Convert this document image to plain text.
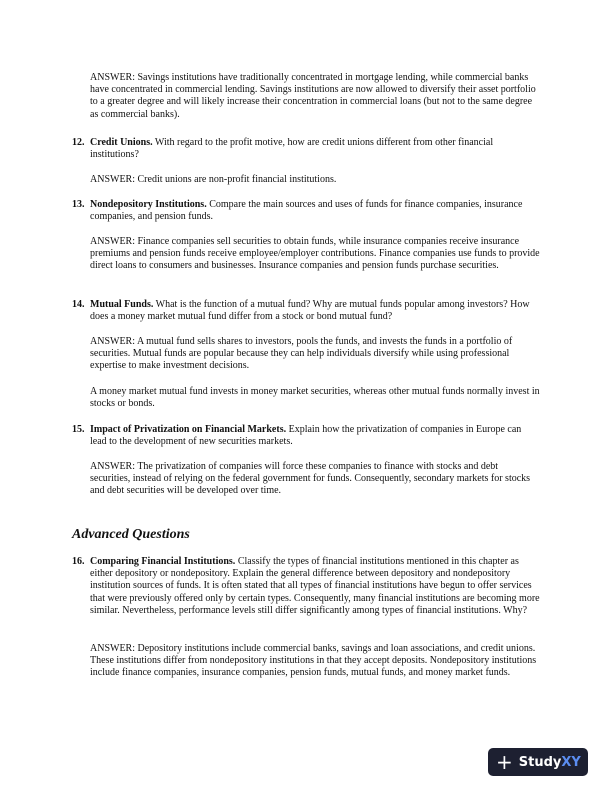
ANSWER: Savings institutions have traditionally concentrated in mortgage lending, while commercial banks have concentrated in commercial lending. Savings institutions are now allowed to diversify their asset portfolio to a greater degree and will likely increase their concentration in commercial loans (but not to the same degree as commercial banks).

12. Credit Unions. With regard to the profit motive, how are credit unions different from other financial institutions?

ANSWER: Credit unions are non-profit financial institutions.

13. Nondepository Institutions. Compare the main sources and uses of funds for finance companies, insurance companies, and pension funds.

ANSWER: Finance companies sell securities to obtain funds, while insurance companies receive insurance premiums and pension funds receive employee/employer contributions. Finance companies use funds to provide direct loans to consumers and businesses. Insurance companies and pension funds purchase securities.

14. Mutual Funds. What is the function of a mutual fund? Why are mutual funds popular among investors? How does a money market mutual fund differ from a stock or bond mutual fund?

ANSWER: A mutual fund sells shares to investors, pools the funds, and invests the funds in a portfolio of securities. Mutual funds are popular because they can help individuals diversify while using professional expertise to make investment decisions.

A money market mutual fund invests in money market securities, whereas other mutual funds normally invest in stocks or bonds.

15. Impact of Privatization on Financial Markets. Explain how the privatization of companies in Europe can lead to the development of new securities markets.

ANSWER: The privatization of companies will force these companies to finance with stocks and debt securities, instead of relying on the federal government for funds. Consequently, secondary markets for stocks and debt securities will be developed over time.

Advanced Questions
16. Comparing Financial Institutions. Classify the types of financial institutions mentioned in this chapter as either depository or nondepository. Explain the general difference between depository and nondepository institution sources of funds. It is often stated that all types of financial institutions have begun to offer services that were previously offered only by certain types. Consequently, many financial institutions are becoming more similar. Nevertheless, performance levels still differ significantly among types of financial institutions. Why?

ANSWER: Depository institutions include commercial banks, savings and loan associations, and credit unions. These institutions differ from nondepository institutions in that they accept deposits. Nondepository institutions include finance companies, insurance companies, pension funds, mutual funds, and money market funds.

+ StudyXY
